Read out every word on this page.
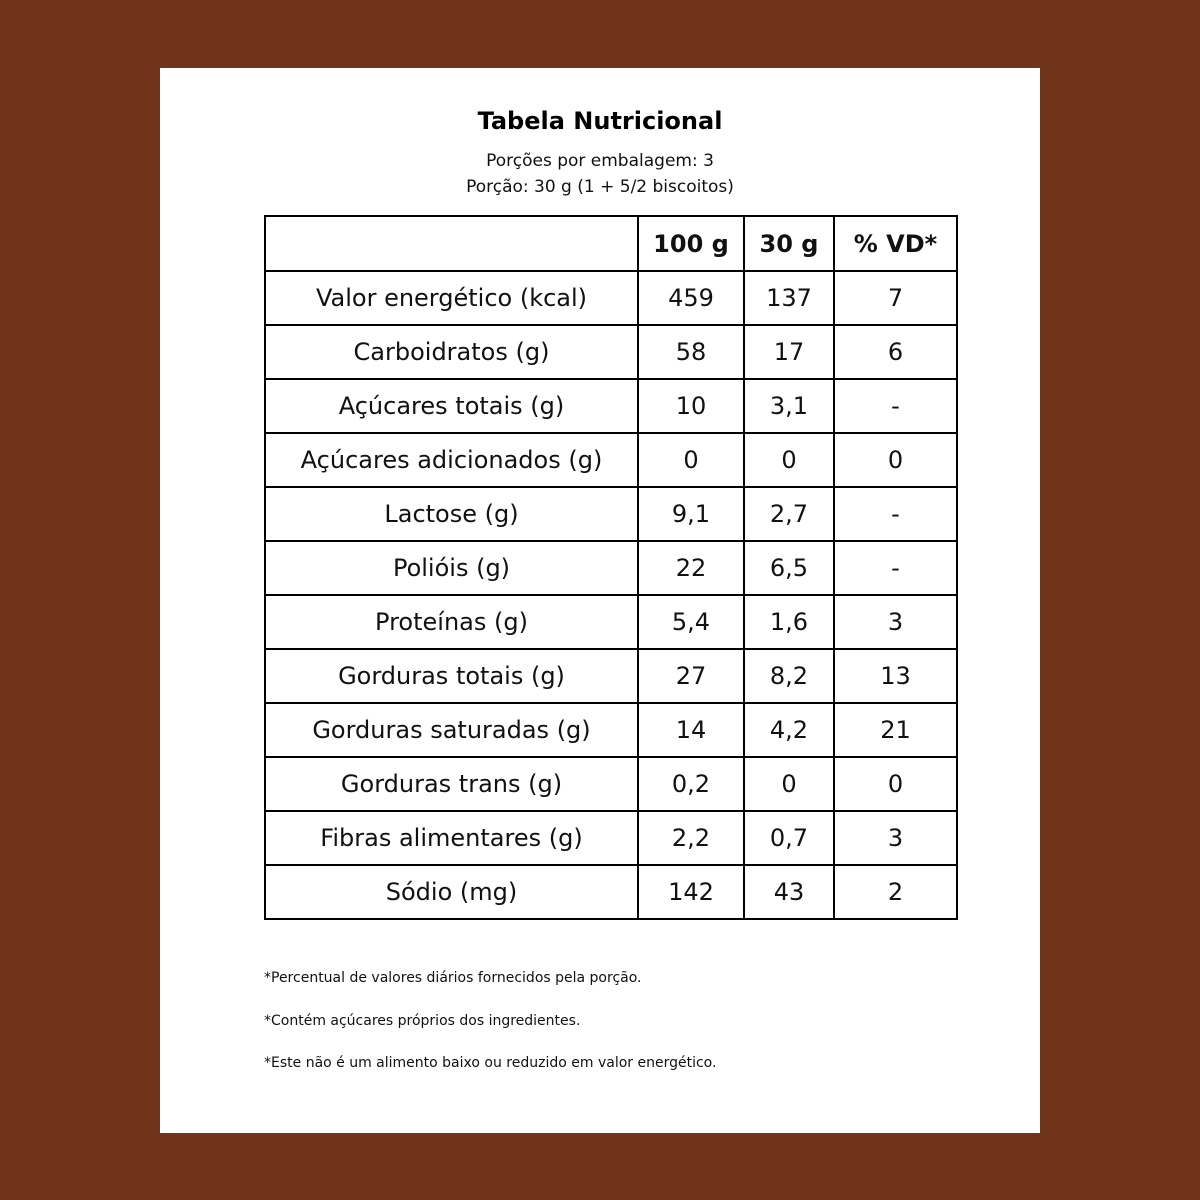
Tabela Nutricional
Porções por embalagem: 3
Porção: 30 g (1 + 5/2 biscoitos)
	100 g	30 g	% VD*
Valor energético (kcal)	459	137	7
Carboidratos (g)	58	17	6
Açúcares totais (g)	10	3,1	-
Açúcares adicionados (g)	0	0	0
Lactose (g)	9,1	2,7	-
Polióis (g)	22	6,5	-
Proteínas (g)	5,4	1,6	3
Gorduras totais (g)	27	8,2	13
Gorduras saturadas (g)	14	4,2	21
Gorduras trans (g)	0,2	0	0
Fibras alimentares (g)	2,2	0,7	3
Sódio (mg)	142	43	2

*Percentual de valores diários fornecidos pela porção.

*Contém açúcares próprios dos ingredientes.

*Este não é um alimento baixo ou reduzido em valor energético.
